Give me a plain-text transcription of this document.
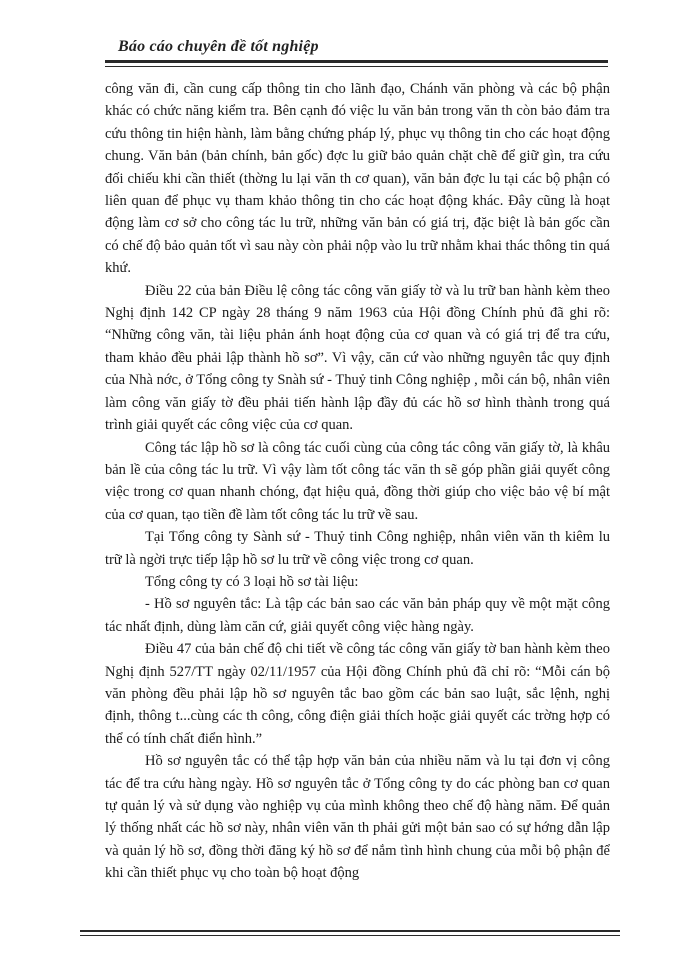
Báo cáo chuyên đề tốt nghiệp

công văn đi, cần cung cấp thông tin cho lãnh đạo, Chánh văn phòng và các bộ phận khác có chức năng kiểm tra. Bên cạnh đó việc lu văn bản trong văn th còn bảo đảm tra cứu thông tin hiện hành, làm bằng chứng pháp lý, phục vụ thông tin cho các hoạt động chung. Văn bản (bản chính, bản gốc) đợc lu giữ bảo quản chặt chẽ để giữ gìn, tra cứu đối chiếu khi cần thiết (thờng lu lại văn th cơ quan), văn bản đợc lu tại các bộ phận có liên quan để phục vụ tham khảo thông tin cho các hoạt động khác. Đây cũng là hoạt động làm cơ sở cho công tác lu trữ, những văn bản có giá trị, đặc biệt là bản gốc cần có chế độ bảo quản tốt vì sau này còn phải nộp vào lu trữ nhằm khai thác thông tin quá khứ.

Điều 22 của bản Điều lệ công tác công văn giấy tờ và lu trữ ban hành kèm theo Nghị định 142 CP ngày 28 tháng 9 năm 1963 của Hội đồng Chính phủ đã ghi rõ: “Những công văn, tài liệu phản ánh hoạt động của cơ quan và có giá trị để tra cứu, tham khảo đều phải lập thành hồ sơ”. Vì vậy, căn cứ vào những nguyên tắc quy định của Nhà nớc, ở Tổng công ty Snàh sứ - Thuỷ tinh Công nghiệp , mỗi cán bộ, nhân viên làm công văn giấy tờ đều phải tiến hành lập đầy đủ các hồ sơ hình thành trong quá trình giải quyết các công việc của cơ quan.

Công tác lập hồ sơ là công tác cuối cùng của công tác công văn giấy tờ, là khâu bản lề của công tác lu trữ. Vì vậy làm tốt công tác văn th sẽ góp phần giải quyết công việc trong cơ quan nhanh chóng, đạt hiệu quả, đồng thời giúp cho việc bảo vệ bí mật của cơ quan, tạo tiền đề làm tốt công tác lu trữ về sau.

Tại Tổng công ty Sành sứ - Thuỷ tinh Công nghiệp, nhân viên văn th kiêm lu trữ là ngời trực tiếp lập hồ sơ lu trữ về công việc trong cơ quan.

Tổng công ty có 3 loại hồ sơ tài liệu:

- Hồ sơ nguyên tắc: Là tập các bản sao các văn bản pháp quy về một mặt công tác nhất định, dùng làm căn cứ, giải quyết công việc hàng ngày.

Điều 47 của bản chế độ chi tiết về công tác công văn giấy tờ ban hành kèm theo Nghị định 527/TT ngày 02/11/1957 của Hội đồng Chính phủ đã chỉ rõ: “Mỗi cán bộ văn phòng đều phải lập hồ sơ nguyên tắc bao gồm các bản sao luật, sắc lệnh, nghị định, thông t...cùng các th công, công điện giải thích hoặc giải quyết các trờng hợp có thể có tính chất điển hình.”

Hồ sơ nguyên tắc có thể tập hợp văn bản của nhiều năm và lu tại đơn vị công tác để tra cứu hàng ngày. Hồ sơ nguyên tắc ở Tổng công ty do các phòng ban cơ quan tự quản lý và sử dụng vào nghiệp vụ của mình không theo chế độ hàng năm. Để quản lý thống nhất các hồ sơ này, nhân viên văn th phải gửi một bản sao có sự hớng dẫn lập và quản lý hồ sơ, đồng thời đăng ký hồ sơ để nắm tình hình chung của mỗi bộ phận để khi cần thiết phục vụ cho toàn bộ hoạt động
